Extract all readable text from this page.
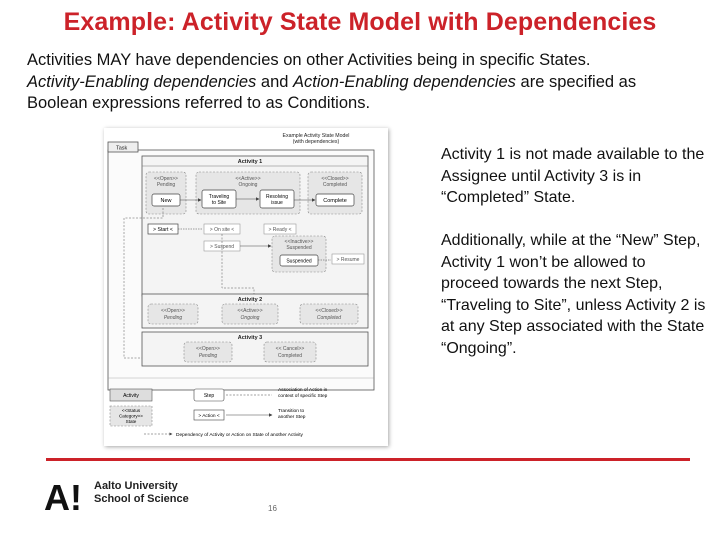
Example: Activity State Model with Dependencies

Activities MAY have dependencies on other Activities being in specific States.

Activity-Enabling dependencies and Action-Enabling dependencies are specified as

Boolean expressions referred to as Conditions.

Example Activity State Model
(with dependencies)
Task
Activity 1
<<Open>>
Pending
New
<<Active>>
Ongoing
Traveling
to Site
Resolving
issue
<<Closed>>
Completed
Complete
> Start <	> On site <	> Ready <
> Suspend
<<Inactive>>
Suspended
Suspended	> Resume
Activity 2
<<Open>>
Pending
<<Active>>
Ongoing
<<Closed>>
Completed
Activity 3
<<Open>>
Pending
<< Cancel>>
Completed
Activity	Step
Association of Action in
context of specific Step
<<Status
Category>>
State
> Action <
Transition to
another Step
Dependency of Activity or Action on State of another Activity

Activity 1 is not made available to the Assignee until Activity 3 is in “Completed” State.

Additionally, while at the “New” Step, Activity 1 won’t be allowed to proceed towards the next Step, “Traveling to Site”, unless Activity 2 is at any Step associated with the State “Ongoing”.

A! Aalto University
School of Science
16
